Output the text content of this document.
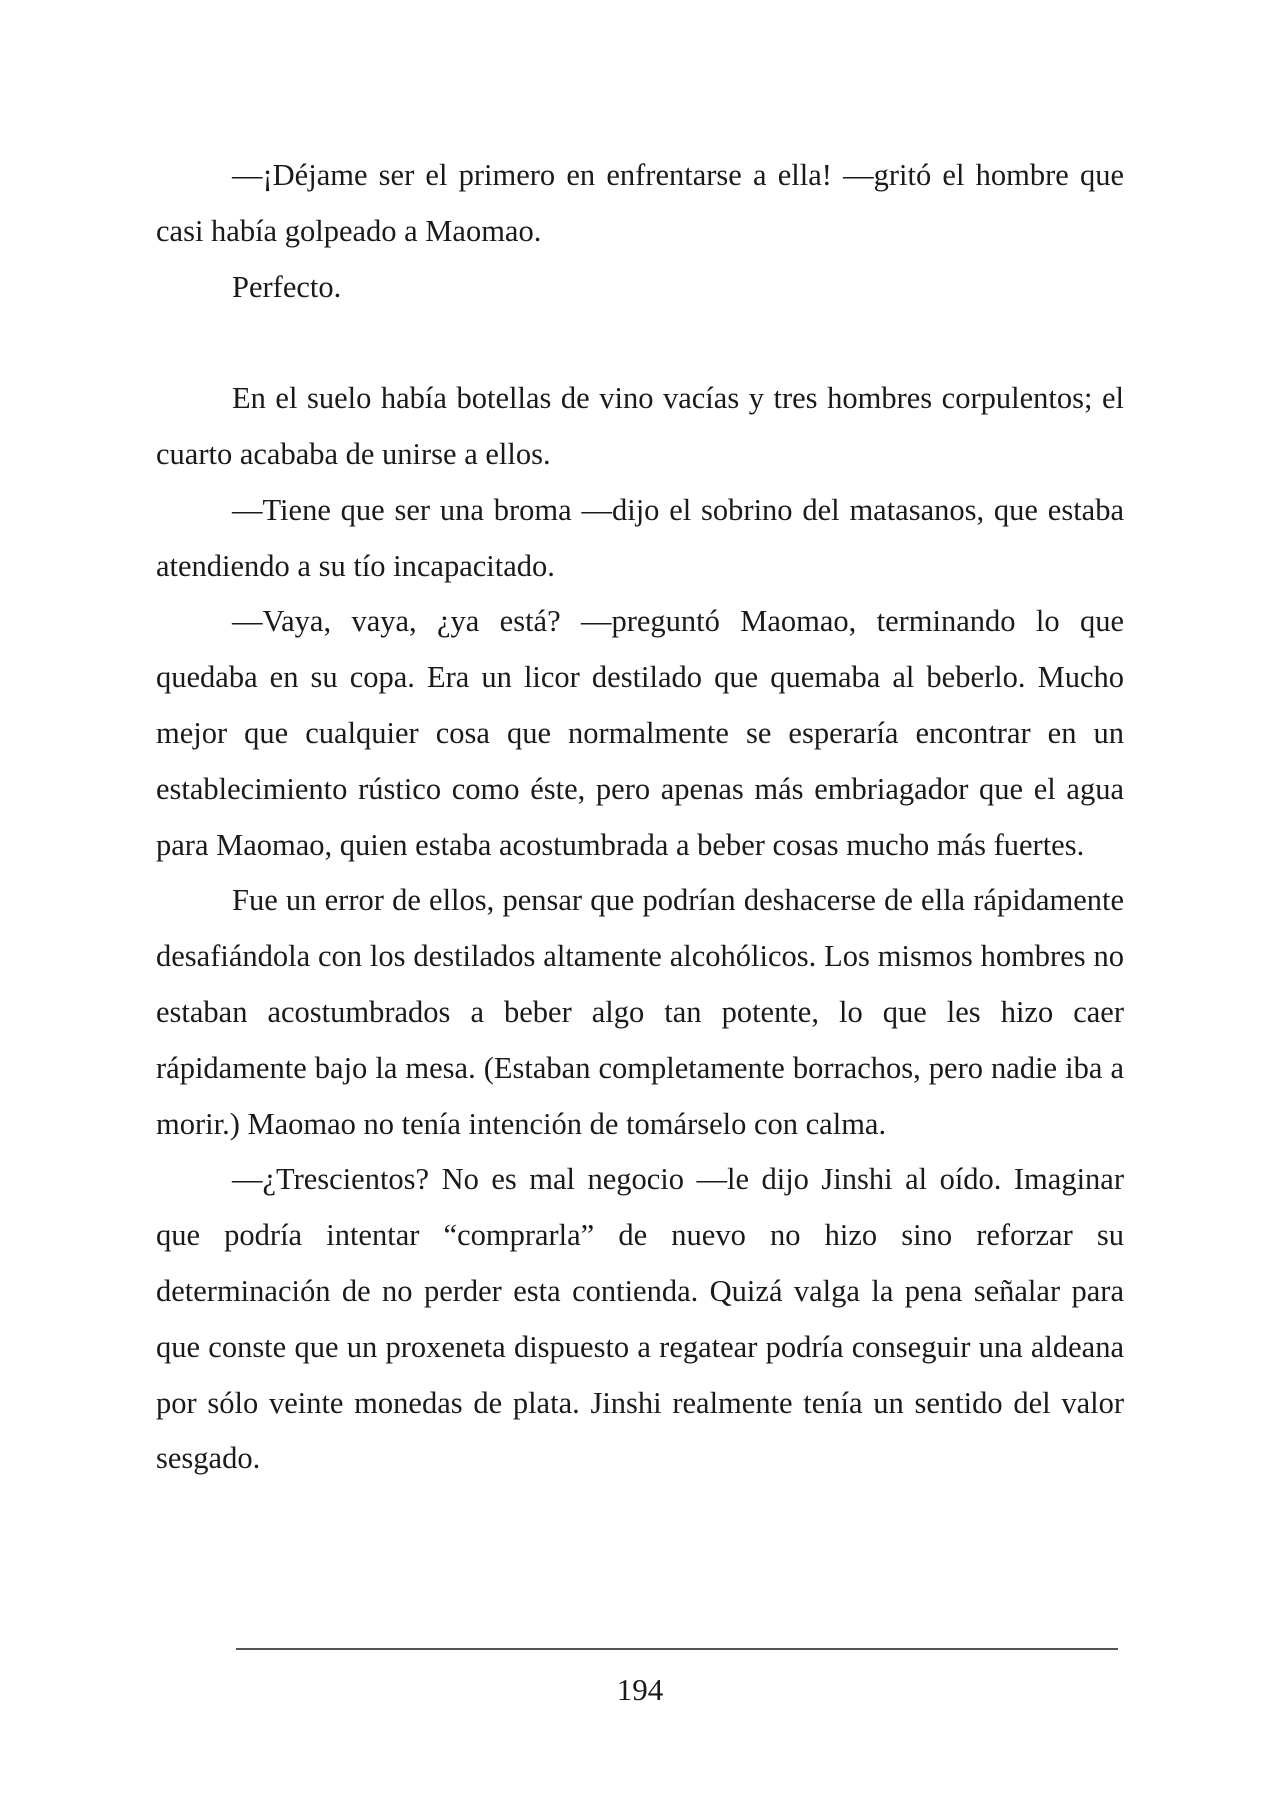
—¡Déjame ser el primero en enfrentarse a ella! —gritó el hombre que casi había golpeado a Maomao.

Perfecto.

En el suelo había botellas de vino vacías y tres hombres corpulentos; el cuarto acababa de unirse a ellos.

—Tiene que ser una broma —dijo el sobrino del matasanos, que estaba atendiendo a su tío incapacitado.

—Vaya, vaya, ¿ya está? —preguntó Maomao, terminando lo que quedaba en su copa. Era un licor destilado que quemaba al beberlo. Mucho mejor que cualquier cosa que normalmente se esperaría encontrar en un establecimiento rústico como éste, pero apenas más embriagador que el agua para Maomao, quien estaba acostumbrada a beber cosas mucho más fuertes.

Fue un error de ellos, pensar que podrían deshacerse de ella rápidamente desafiándola con los destilados altamente alcohólicos. Los mismos hombres no estaban acostumbrados a beber algo tan potente, lo que les hizo caer rápidamente bajo la mesa. (Estaban completamente borrachos, pero nadie iba a morir.) Maomao no tenía intención de tomárselo con calma.

—¿Trescientos? No es mal negocio —le dijo Jinshi al oído. Imaginar que podría intentar “comprarla” de nuevo no hizo sino reforzar su determinación de no perder esta contienda. Quizá valga la pena señalar para que conste que un proxeneta dispuesto a regatear podría conseguir una aldeana por sólo veinte monedas de plata. Jinshi realmente tenía un sentido del valor sesgado.

194
